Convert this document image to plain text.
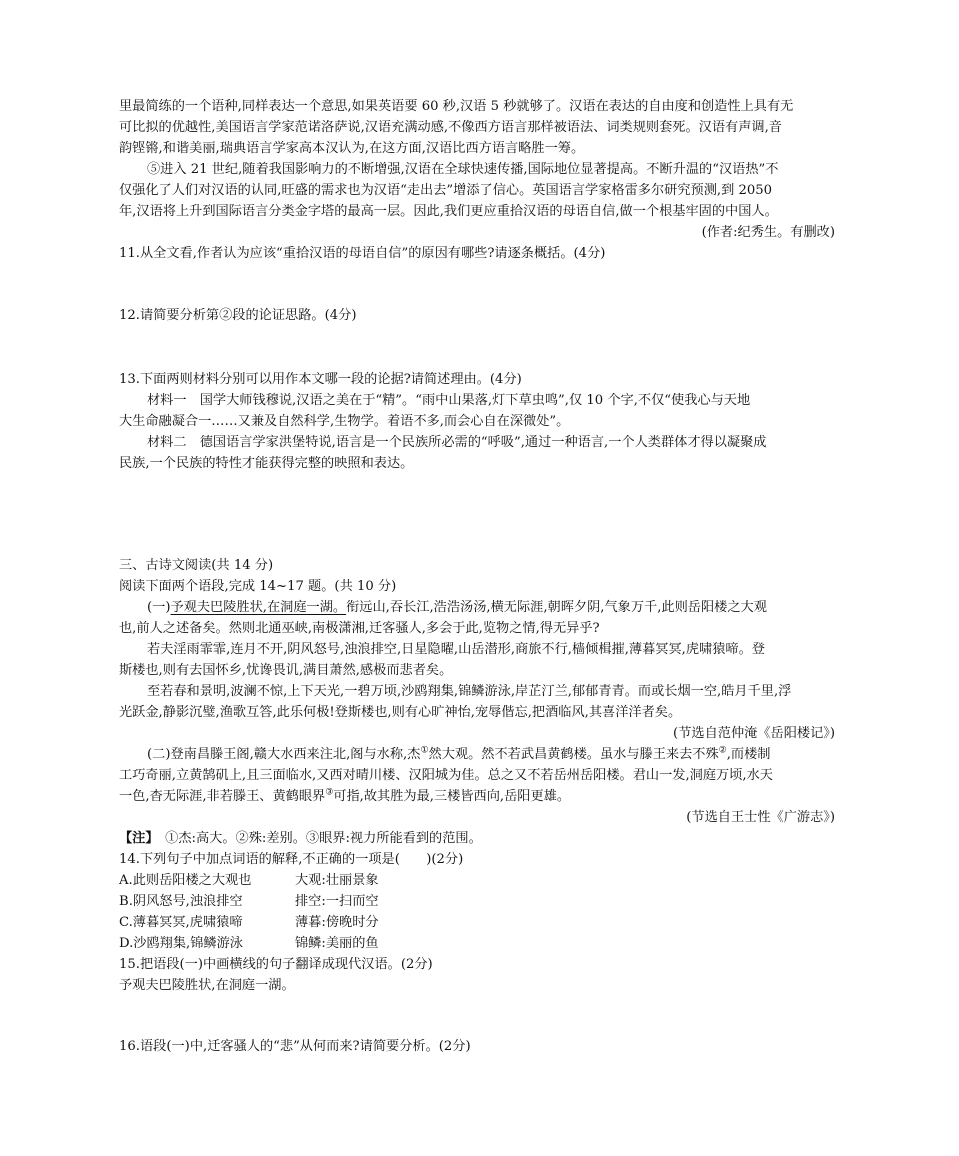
里最简练的一个语种,同样表达一个意思,如果英语要 60 秒,汉语 5 秒就够了。汉语在表达的自由度和创造性上具有无
可比拟的优越性,美国语言学家范诺洛萨说,汉语充满动感,不像西方语言那样被语法、词类规则套死。汉语有声调,音
韵铿锵,和谐美丽,瑞典语言学家高本汉认为,在这方面,汉语比西方语言略胜一筹。
⑤进入 21 世纪,随着我国影响力的不断增强,汉语在全球快速传播,国际地位显著提高。不断升温的“汉语热”不
仅强化了人们对汉语的认同,旺盛的需求也为汉语“走出去”增添了信心。英国语言学家格雷多尔研究预测,到 2050
年,汉语将上升到国际语言分类金字塔的最高一层。因此,我们更应重拾汉语的母语自信,做一个根基牢固的中国人。
(作者:纪秀生。有删改)
11.从全文看,作者认为应该“重拾汉语的母语自信”的原因有哪些?请逐条概括。(4分)
12.请简要分析第②段的论证思路。(4分)
13.下面两则材料分别可以用作本文哪一段的论据?请简述理由。(4分)
材料一　国学大师钱穆说,汉语之美在于“精”。“雨中山果落,灯下草虫鸣”,仅 10 个字,不仅“使我心与天地
大生命融凝合一……又兼及自然科学,生物学。着语不多,而会心自在深微处”。
材料二　德国语言学家洪堡特说,语言是一个民族所必需的“呼吸”,通过一种语言,一个人类群体才得以凝聚成
民族,一个民族的特性才能获得完整的映照和表达。
三、古诗文阅读(共 14 分)
阅读下面两个语段,完成 14~17 题。(共 10 分)
(一)予观夫巴陵胜状,在洞庭一湖。衔远山,吞长江,浩浩汤汤,横无际涯,朝晖夕阴,气象万千,此则岳阳楼之大观
也,前人之述备矣。然则北通巫峡,南极潇湘,迁客骚人,多会于此,览物之情,得无异乎?
若夫淫雨霏霏,连月不开,阴风怒号,浊浪排空,日星隐曜,山岳潜形,商旅不行,樯倾楫摧,薄暮冥冥,虎啸猿啼。登
斯楼也,则有去国怀乡,忧谗畏讥,满目萧然,感极而悲者矣。
至若春和景明,波澜不惊,上下天光,一碧万顷,沙鸥翔集,锦鳞游泳,岸芷汀兰,郁郁青青。而或长烟一空,皓月千里,浮
光跃金,静影沉璧,渔歌互答,此乐何极!登斯楼也,则有心旷神怡,宠辱偕忘,把酒临风,其喜洋洋者矣。
(节选自范仲淹《岳阳楼记》)
(二)登南昌滕王阁,赣大水西来注北,阁与水称,杰①然大观。然不若武昌黄鹤楼。虽水与滕王来去不殊②,而楼制
工巧奇丽,立黄鹄矶上,且三面临水,又西对晴川楼、汉阳城为佳。总之又不若岳州岳阳楼。君山一发,洞庭万顷,水天
一色,杳无际涯,非若滕王、黄鹤眼界③可指,故其胜为最,三楼皆西向,岳阳更雄。
(节选自王士性《广游志》)
【注】　 ①杰:高大。②殊:差别。③眼界:视力所能看到的范围。
14.下列句子中加点词语的解释,不正确的一项是(　　)(2分)
A.此则岳阳楼之大观也	大观:壮丽景象
B.阴风怒号,浊浪排空	排空:一扫而空
C.薄暮冥冥,虎啸猿啼	薄暮:傍晚时分
D.沙鸥翔集,锦鳞游泳	锦鳞:美丽的鱼
15.把语段(一)中画横线的句子翻译成现代汉语。(2分)
予观夫巴陵胜状,在洞庭一湖。
16.语段(一)中,迁客骚人的“悲”从何而来?请简要分析。(2分)
